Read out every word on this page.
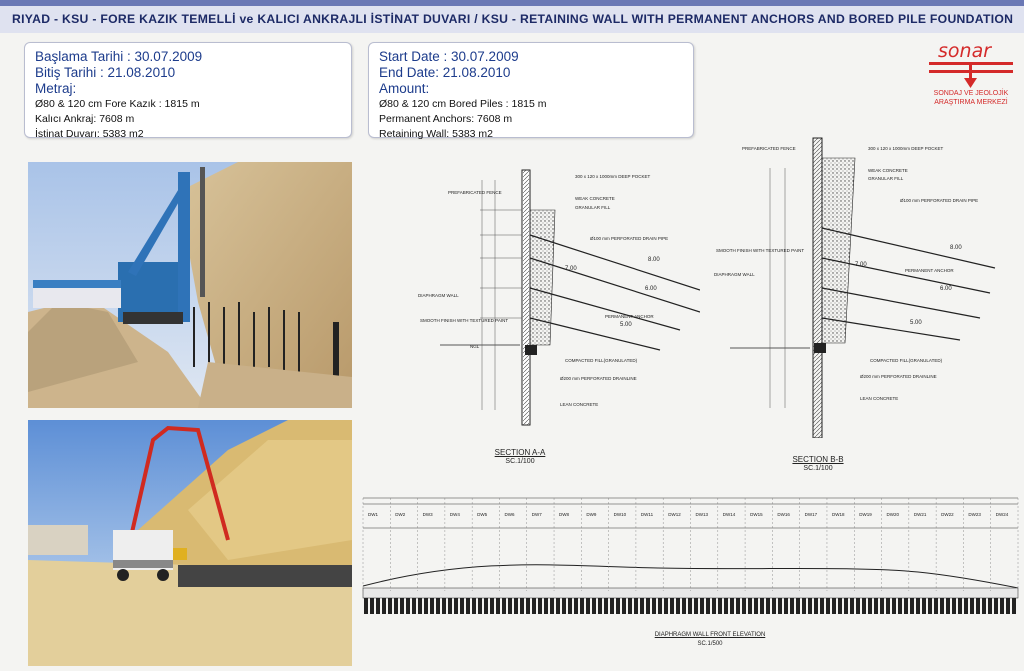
RIYAD - KSU - FORE KAZIK TEMELLİ ve KALICI ANKRAJLI İSTİNAT DUVARI / KSU - RETAINING WALL WITH PERMANENT ANCHORS AND BORED PILE FOUNDATION
Başlama Tarihi : 30.07.2009
Bitiş Tarihi : 21.08.2010
Metraj:
Ø80 & 120 cm Fore Kazık : 1815 m
Kalıcı Ankraj: 7608 m
İstinat Duvarı: 5383 m2
Start Date : 30.07.2009
End Date: 21.08.2010
Amount:
Ø80 & 120 cm Bored Piles : 1815 m
Permanent Anchors: 7608 m
Retaining Wall: 5383 m2
sonar
SONDAJ VE JEOLOJİK
ARAŞTIRMA MERKEZİ
PREFABRICATED FENCE
300 x 120 x 1000mm DEEP POCKET
WEAK CONCRETE
GRANULAR FILL
Ø100 mm PERFORATED DRAIN PIPE
SMOOTH FINISH WITH TEXTURED PAINT
DIAPHRAGM WALL
PERMANENT ANCHOR
COMPACTED FILL(GRANULATED)
Ø200 mm PERFORATED DRAINLINE
LEAN CONCRETE
NGL
8.00
7.00
6.00
5.00
SECTION A-A
SC.1/100
PREFABRICATED FENCE	300 x 120 x 1000mm DEEP POCKET
WEAK CONCRETE
GRANULAR FILL
Ø100 mm PERFORATED DRAIN PIPE
SMOOTH FINISH WITH TEXTURED PAINT
DIAPHRAGM WALL
PERMANENT ANCHOR
COMPACTED FILL(GRANULATED)
Ø200 mm PERFORATED DRAINLINE
LEAN CONCRETE
8.00
7.00
6.00
5.00
SECTION B-B
SC.1/100
DW1	DW2	DW3	DW4	DW5	DW6	DW7	DW8	DW9	DW10	DW11	DW12	DW13	DW14	DW15	DW16	DW17	DW18	DW19	DW20	DW21	DW22	DW23	DW24
DIAPHRAGM WALL FRONT ELEVATION
SC.1/500
